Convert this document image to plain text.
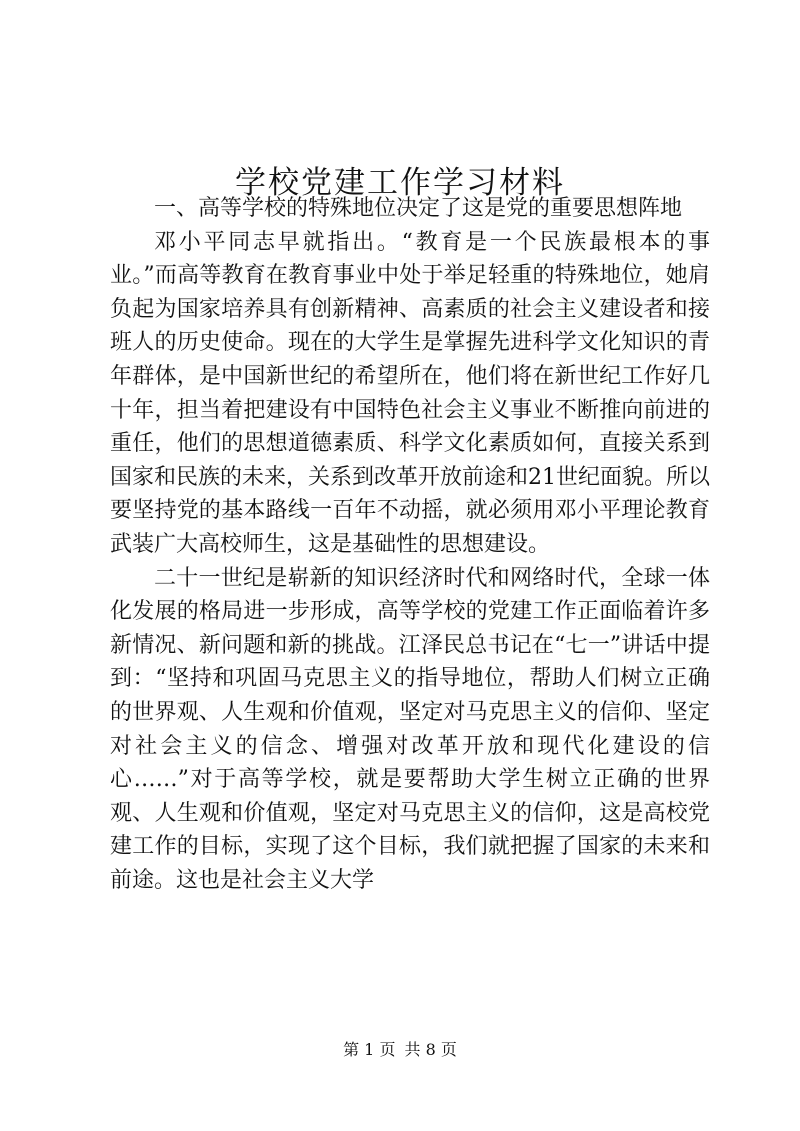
学校党建工作学习材料

一、高等学校的特殊地位决定了这是党的重要思想阵地

邓小平同志早就指出。“教育是一个民族最根本的事业。”而高等教育在教育事业中处于举足轻重的特殊地位，她肩负起为国家培养具有创新精神、高素质的社会主义建设者和接班人的历史使命。现在的大学生是掌握先进科学文化知识的青年群体，是中国新世纪的希望所在，他们将在新世纪工作好几十年，担当着把建设有中国特色社会主义事业不断推向前进的重任，他们的思想道德素质、科学文化素质如何，直接关系到国家和民族的未来，关系到改革开放前途和21世纪面貌。所以要坚持党的基本路线一百年不动摇，就必须用邓小平理论教育武装广大高校师生，这是基础性的思想建设。

二十一世纪是崭新的知识经济时代和网络时代，全球一体化发展的格局进一步形成，高等学校的党建工作正面临着许多新情况、新问题和新的挑战。江泽民总书记在“七一”讲话中提到：“坚持和巩固马克思主义的指导地位，帮助人们树立正确的世界观、人生观和价值观，坚定对马克思主义的信仰、坚定对社会主义的信念、增强对改革开放和现代化建设的信心……”对于高等学校，就是要帮助大学生树立正确的世界观、人生观和价值观，坚定对马克思主义的信仰，这是高校党建工作的目标，实现了这个目标，我们就把握了国家的未来和前途。这也是社会主义大学

第 1 页 共 8 页
